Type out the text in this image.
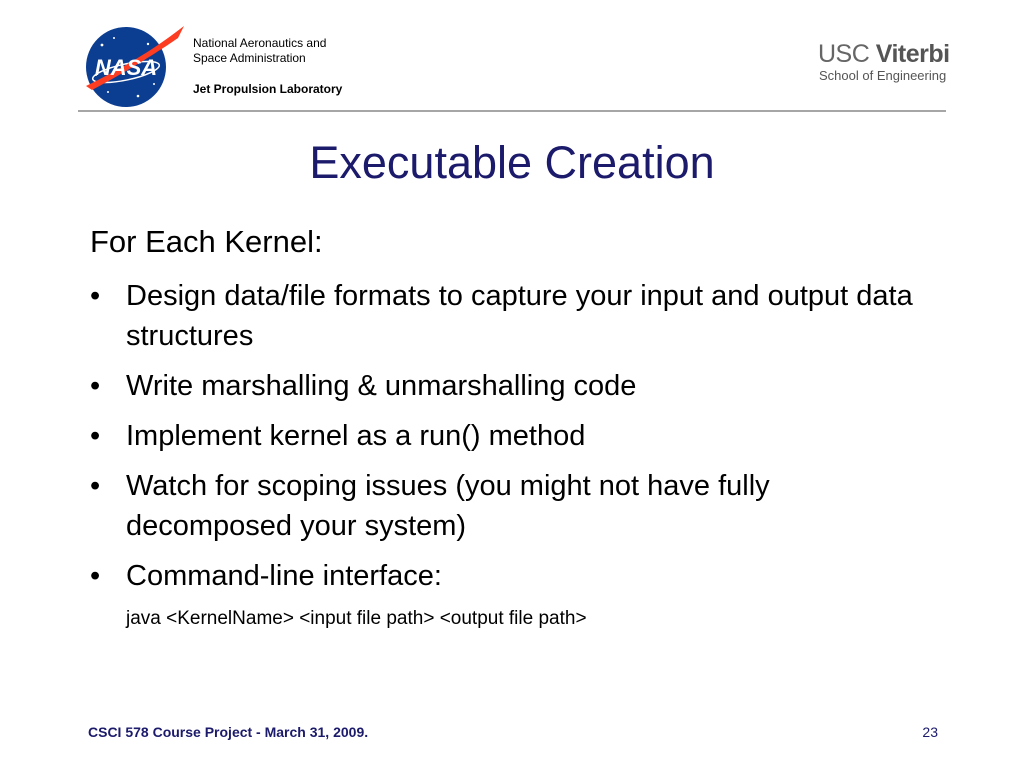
NASA
National Aeronautics and
Space Administration
Jet Propulsion Laboratory
USC Viterbi
School of Engineering
Executable Creation
For Each Kernel:
• Design data/file formats to capture your input and output data structures
• Write marshalling & unmarshalling code
• Implement kernel as a run() method
• Watch for scoping issues (you might not have fully decomposed your system)
• Command-line interface:
java <KernelName> <input file path> <output file path>
CSCI 578 Course Project - March 31, 2009.	23
